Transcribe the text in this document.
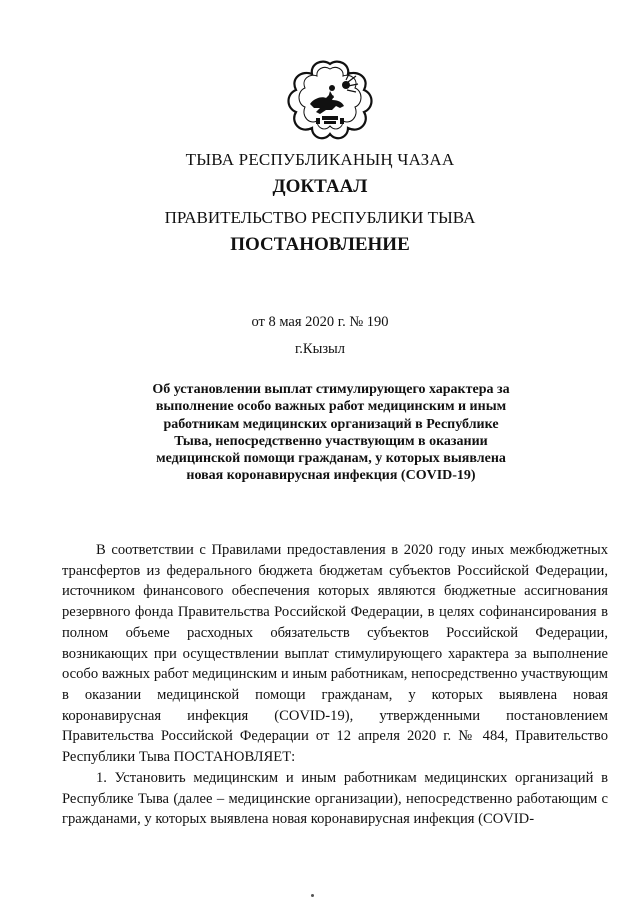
ТЫВА РЕСПУБЛИКАНЫҢ ЧАЗАА
ДОКТААЛ
ПРАВИТЕЛЬСТВО РЕСПУБЛИКИ ТЫВА
ПОСТАНОВЛЕНИЕ
от 8 мая 2020 г. № 190
г.Кызыл
Об установлении выплат стимулирующего характера за выполнение особо важных работ медицинским и иным работникам медицинских организаций в Республике Тыва, непосредственно участвующим в оказании медицинской помощи гражданам, у которых выявлена новая коронавирусная инфекция (COVID-19)
В соответствии с Правилами предоставления в 2020 году иных межбюджетных трансфертов из федерального бюджета бюджетам субъектов Российской Федерации, источником финансового обеспечения которых являются бюджетные ассигнования резервного фонда Правительства Российской Федерации, в целях софинансирования в полном объеме расходных обязательств субъектов Российской Федерации, возникающих при осуществлении выплат стимулирующего характера за выполнение особо важных работ медицинским и иным работникам, непосредственно участвующим в оказании медицинской помощи гражданам, у которых выявлена новая коронавирусная инфекция (COVID-19), утвержденными постановлением Правительства Российской Федерации от 12 апреля 2020 г. № 484, Правительство Республики Тыва ПОСТАНОВЛЯЕТ:
1. Установить медицинским и иным работникам медицинских организаций в Республике Тыва (далее – медицинские организации), непосредственно работающим с гражданами, у которых выявлена новая коронавирусная инфекция (COVID-
